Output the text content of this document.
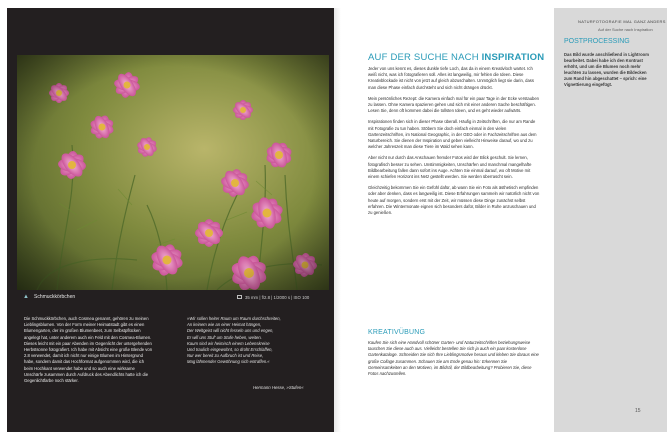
▲ Schmuckkörbchen	35 mm | f/2.8 | 1/2000 s | ISO 100

Die Schmuckkörbchen, auch Cosmea genannt, gehören zu meinen Lieblingsblumen. Von der Form meiner Heimatstadt gibt es einen Blumengarten, der im großen Blumenbeet, zum Selbstpflücken angelegt hat, unter anderem auch ein Feld mit den Cosmea-Blumen. Dieses leicht mit ein paar Abenden im Gegenlicht der untergehenden Herbstsonne fotografiert. Ich habe mit Absicht eine große Blende von 2.8 verwendet, damit ich nicht nur einige Blumen im Hintergrund habe, sondern damit das Hochformat aufgenommen wird, die ich beim Hochkant verwendet habe und so auch eine wirksame Unschärfe zusammen durch Aufdruck des Abendlichts hatte ich die Gegenlichtfarbe noch stärker.

»Wir sollen heiter Raum um Raum durchschreiten,
An keinem wie an einer Heimat hängen,
Der Weltgeist will nicht fesseln uns und engen,
Er will uns Stuf' um Stufe heben, weiten.
Kaum sind wir heimisch einem Lebenskreise
Und traulich eingewohnt, so droht Erschlaffen,
Nur wer bereit zu Aufbruch ist und Reise,
Mag lähmender Gewöhnung sich entraffen.«
Hermann Hesse, »Stufen«
NATURFOTOGRAFIE MAL GANZ ANDERS
Auf der Suche nach Inspiration
POSTPROCESSING
Das Bild wurde anschließend in Lightroom bearbeitet. Dabei habe ich den Kontrast erhöht, und um die Blumen noch mehr leuchten zu lassen, wurden die Bildecken zum Rand hin abgeschattet – sprich: eine Vignettierung eingefügt.
AUF DER SUCHE NACH INSPIRATION

Jeder von uns kennt es, dieses dunkle tiefe Loch, das da in einem Kreativloch wartet. Ich weiß nicht, was ich fotografieren soll. Alles ist langweilig, mir fehlen die Ideen. Diese Kreativblockade ist nicht von jetzt auf gleich abzuschalten. Unmöglich liegt sie darin, dass man diese Phase einfach durchsteht und sich nicht drängen drückt.

Mein persönliches Rezept: die Kamera einfach mal für ein paar Tage in der Ecke verstauben zu lassen. Ohne Kamera spazieren gehen und sich mit einer anderen Sache beschäftigen. Lesen Sie, denn oft kommen dabei die tollsten Ideen, und es geht wieder aufwärts.

Inspirationen finden sich in dieser Phase überall. Häufig in Zeitschriften, die nur am Rande mit Fotografie zu tun haben. Stöbern Sie doch einfach einmal in den vielen Gartenzeitschriften, im National Geographic, in der GEO oder in Fachzeitschriften aus dem Naturbereich. Sie dienen der Inspiration und geben vielleicht Hinweise darauf, wo und zu welcher Jahreszeit man diese Tiere im Wald sehen kann.

Aber nicht nur durch das Anschauen fremder Fotos wird der Blick geschult. Sie lernen, fotografisch besser zu sehen. Unstimmigkeiten, Unschärfen und manchmal mangelhafte Bildbearbeitung fallen dann sofort ins Auge. Achten Sie einmal darauf, wo oft Motive mit einem schiefen Horizont ins Netz gestellt werden. Sie werden überrascht sein.

Gleichzeitig bekommen Sie ein Gefühl dafür, ab wann Sie ein Foto als ästhetisch empfinden oder aber denken, dass es langweilig ist. Diese Erfahrungen sammeln wir natürlich nicht von heute auf morgen, sondern erst mit der Zeit, wir müssen diese Dinge zunächst selbst erfahren. Die Wintermonate eignen sich besonders dafür, Bilder in Ruhe anzuschauen und zu genießen.

KREATIVÜBUNG
Kaufen Sie sich eine Handvoll schöner Garten- und Naturzeitschriften beziehungsweise tauschen Sie diese auch aus. Vielleicht bestellen Sie sich ja auch ein paar kostenlose Gartenkataloge. Schneiden Sie sich Ihre Lieblingsmotive heraus und kleben Sie daraus eine große Collage zusammen. Schauen Sie am Ende genau hin: Erkennen Sie Gemeinsamkeiten an den Motiven, im Bildstil, der Bildbearbeitung? Probieren Sie, diese Fotos nachzustellen.
15
